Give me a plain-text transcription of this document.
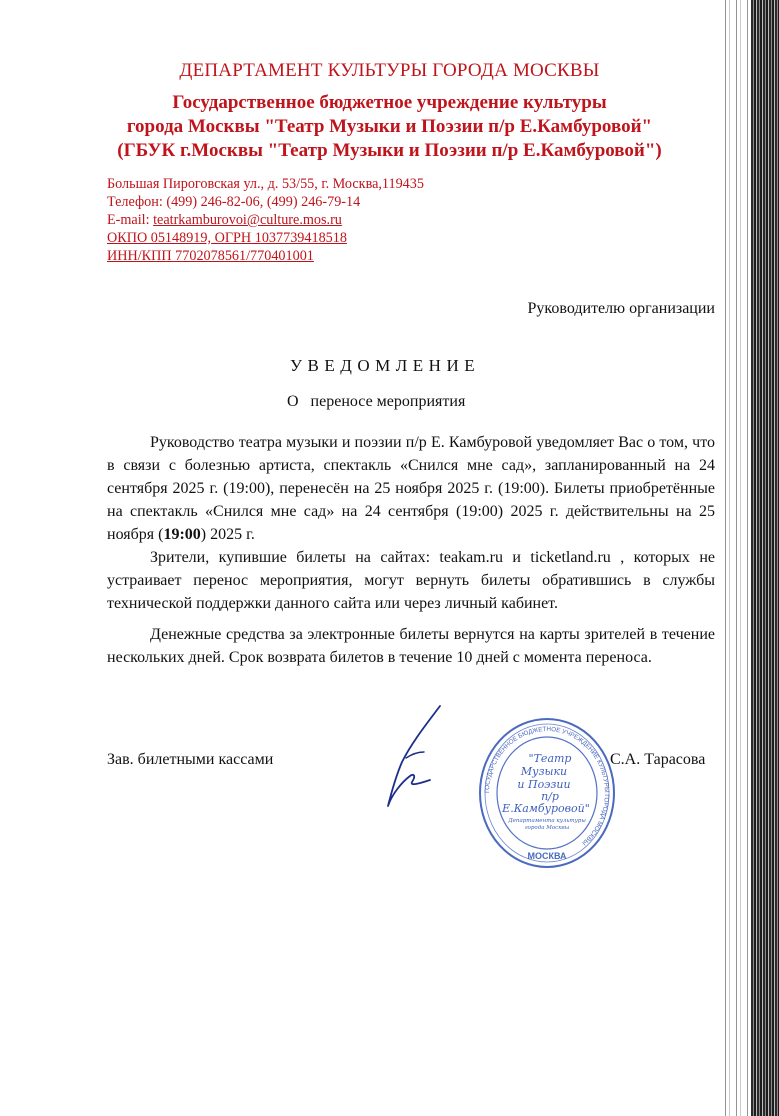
ДЕПАРТАМЕНТ КУЛЬТУРЫ ГОРОДА МОСКВЫ
Государственное бюджетное учреждение культуры
города Москвы "Театр Музыки и Поэзии п/р Е.Камбуровой"
(ГБУК г.Москвы "Театр Музыки и Поэзии п/р Е.Камбуровой")
Большая Пироговская ул., д. 53/55, г. Москва,119435
Телефон: (499) 246-82-06, (499) 246-79-14
E-mail: teatrkamburovoi@culture.mos.ru
ОКПО 05148919, ОГРН 1037739418518
ИНН/КПП 7702078561/770401001
Руководителю организации
УВЕДОМЛЕНИЕ
О   переносе мероприятия
Руководство театра музыки и поэзии п/р Е. Камбуровой уведомляет Вас о том, что в связи с болезнью артиста, спектакль «Снился мне сад», запланированный на 24 сентября 2025 г. (19:00), перенесён на 25 ноября 2025 г. (19:00). Билеты приобретённые на спектакль «Снился мне сад» на 24 сентября (19:00) 2025 г. действительны на 25 ноября (19:00) 2025 г.
Зрители, купившие билеты на сайтах: teakam.ru и ticketland.ru , которых не устраивает перенос мероприятия, могут вернуть билеты обратившись в службы технической поддержки данного сайта или через личный кабинет.
Денежные средства за электронные билеты вернутся на карты зрителей в течение нескольких дней. Срок возврата билетов в течение 10 дней с момента переноса.
Зав. билетными кассами	С.А. Тарасова
ГОСУДАРСТВЕННОЕ БЮДЖЕТНОЕ УЧРЕЖДЕНИЕ КУЛЬТУРЫ ГОРОДА МОСКВЫ
"Театр
Музыки
и Поэзии
п/р
Е.Камбуровой"
Департамента культуры
города Москвы
МОСКВА
